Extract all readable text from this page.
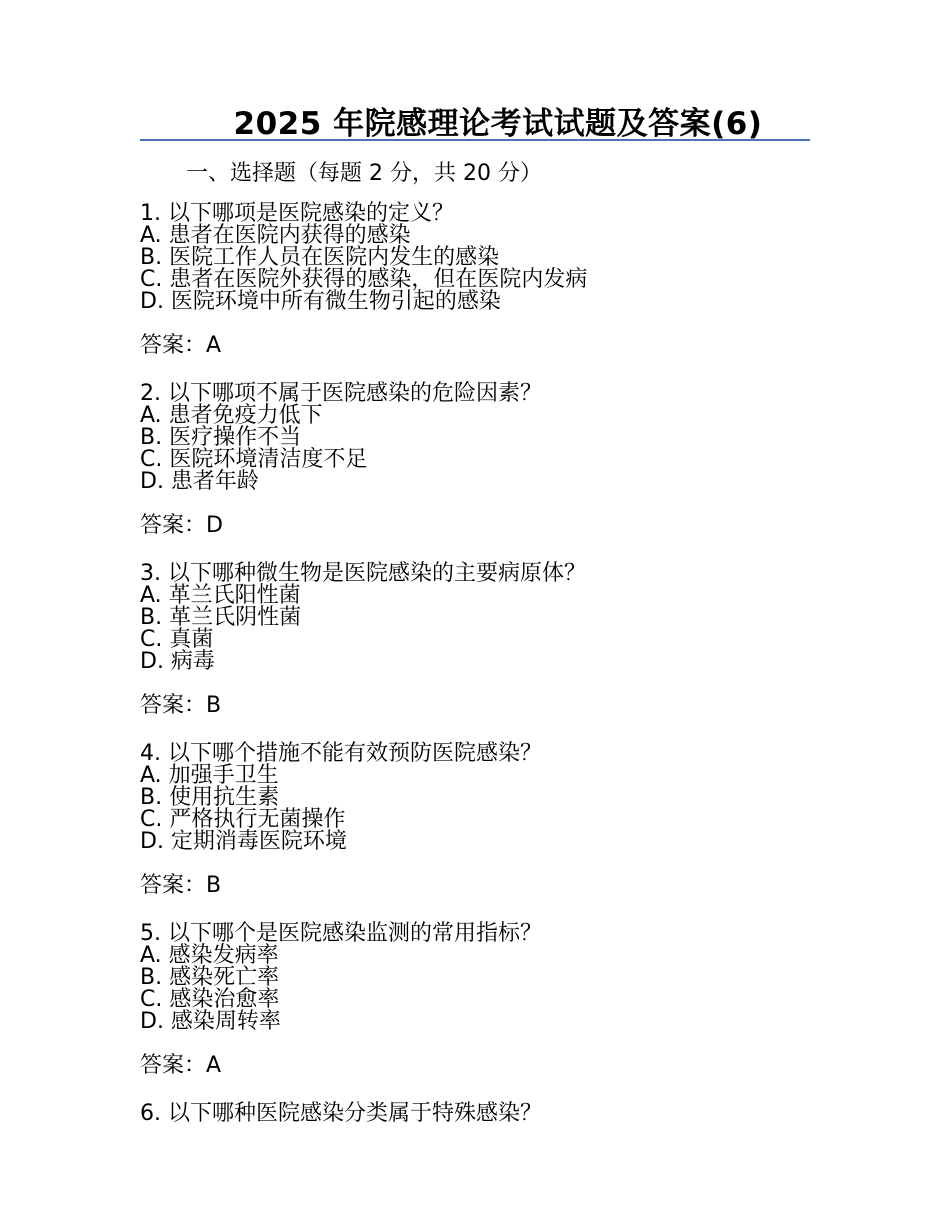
2025 年院感理论考试试题及答案(6)

一、选择题（每题 2 分，共 20 分）

1. 以下哪项是医院感染的定义？

A. 患者在医院内获得的感染

B. 医院工作人员在医院内发生的感染

C. 患者在医院外获得的感染，但在医院内发病

D. 医院环境中所有微生物引起的感染

答案：A

2. 以下哪项不属于医院感染的危险因素？

A. 患者免疫力低下

B. 医疗操作不当

C. 医院环境清洁度不足

D. 患者年龄

答案：D

3. 以下哪种微生物是医院感染的主要病原体？

A. 革兰氏阳性菌

B. 革兰氏阴性菌

C. 真菌

D. 病毒

答案：B

4. 以下哪个措施不能有效预防医院感染？

A. 加强手卫生

B. 使用抗生素

C. 严格执行无菌操作

D. 定期消毒医院环境

答案：B

5. 以下哪个是医院感染监测的常用指标？

A. 感染发病率

B. 感染死亡率

C. 感染治愈率

D. 感染周转率

答案：A

6. 以下哪种医院感染分类属于特殊感染？
